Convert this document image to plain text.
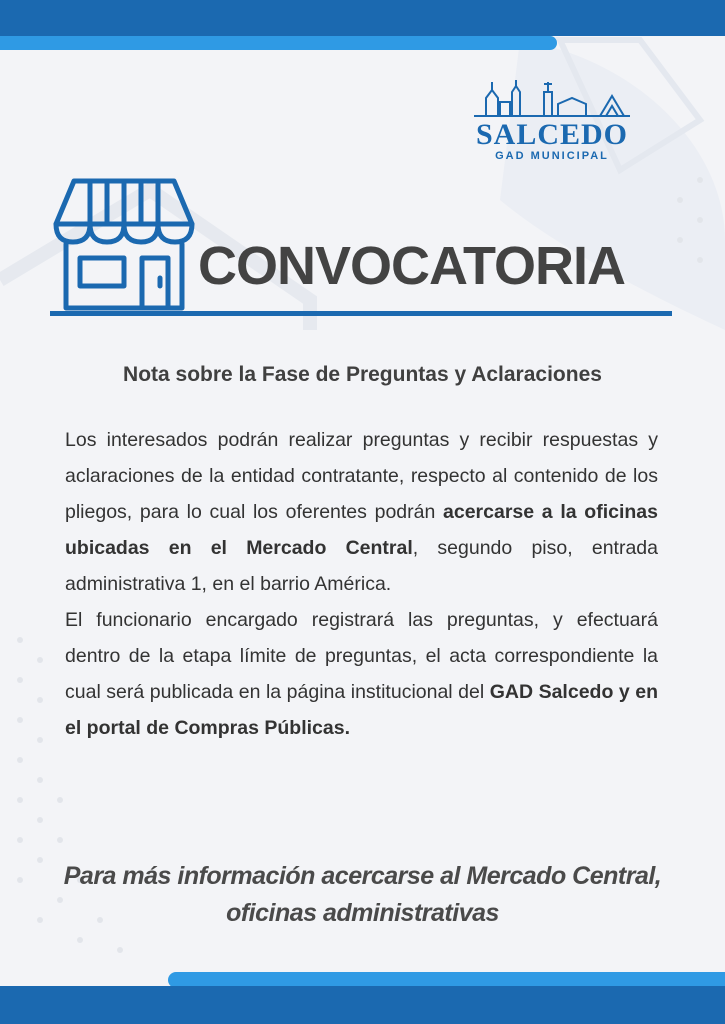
SALCEDO
GAD MUNICIPAL
CONVOCATORIA
Nota sobre la Fase de Preguntas y Aclaraciones

Los interesados podrán realizar preguntas y recibir respuestas y aclaraciones de la entidad contratante, respecto al contenido de los pliegos, para lo cual los oferentes podrán acercarse a la oficinas ubicadas en el Mercado Central, segundo piso, entrada administrativa 1, en el barrio América.

El funcionario encargado registrará las preguntas, y efectuará dentro de la etapa límite de preguntas, el acta correspondiente la cual será publicada en la página institucional del GAD Salcedo y en el portal de Compras Públicas.

Para más información acercarse al Mercado Central, oficinas administrativas
